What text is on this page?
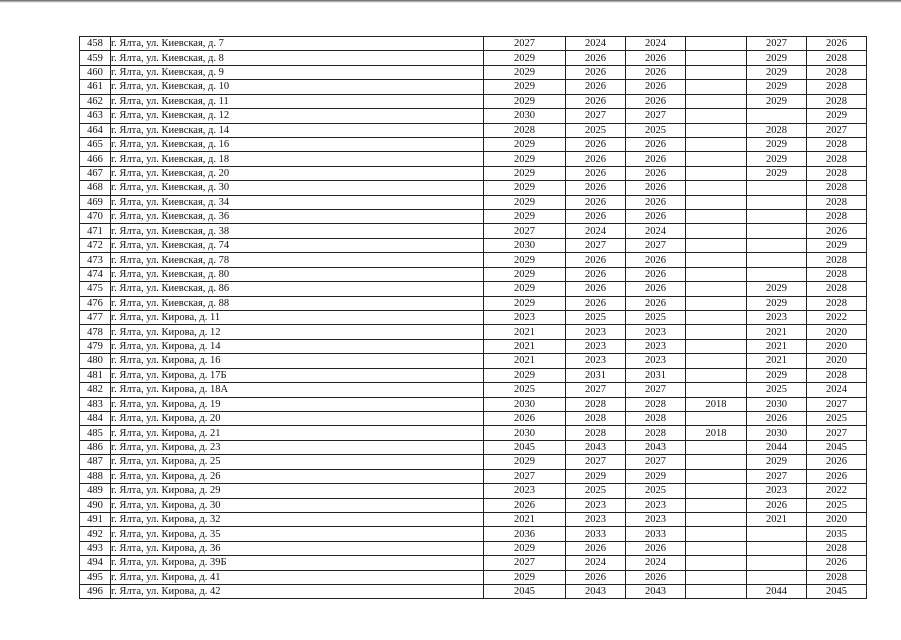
458	г. Ялта, ул. Киевская, д. 7	2027	2024	2024		2027	2026
459	г. Ялта, ул. Киевская, д. 8	2029	2026	2026		2029	2028
460	г. Ялта, ул. Киевская, д. 9	2029	2026	2026		2029	2028
461	г. Ялта, ул. Киевская, д. 10	2029	2026	2026		2029	2028
462	г. Ялта, ул. Киевская, д. 11	2029	2026	2026		2029	2028
463	г. Ялта, ул. Киевская, д. 12	2030	2027	2027			2029
464	г. Ялта, ул. Киевская, д. 14	2028	2025	2025		2028	2027
465	г. Ялта, ул. Киевская, д. 16	2029	2026	2026		2029	2028
466	г. Ялта, ул. Киевская, д. 18	2029	2026	2026		2029	2028
467	г. Ялта, ул. Киевская, д. 20	2029	2026	2026		2029	2028
468	г. Ялта, ул. Киевская, д. 30	2029	2026	2026			2028
469	г. Ялта, ул. Киевская, д. 34	2029	2026	2026			2028
470	г. Ялта, ул. Киевская, д. 36	2029	2026	2026			2028
471	г. Ялта, ул. Киевская, д. 38	2027	2024	2024			2026
472	г. Ялта, ул. Киевская, д. 74	2030	2027	2027			2029
473	г. Ялта, ул. Киевская, д. 78	2029	2026	2026			2028
474	г. Ялта, ул. Киевская, д. 80	2029	2026	2026			2028
475	г. Ялта, ул. Киевская, д. 86	2029	2026	2026		2029	2028
476	г. Ялта, ул. Киевская, д. 88	2029	2026	2026		2029	2028
477	г. Ялта, ул. Кирова, д. 11	2023	2025	2025		2023	2022
478	г. Ялта, ул. Кирова, д. 12	2021	2023	2023		2021	2020
479	г. Ялта, ул. Кирова, д. 14	2021	2023	2023		2021	2020
480	г. Ялта, ул. Кирова, д. 16	2021	2023	2023		2021	2020
481	г. Ялта, ул. Кирова, д. 17Б	2029	2031	2031		2029	2028
482	г. Ялта, ул. Кирова, д. 18А	2025	2027	2027		2025	2024
483	г. Ялта, ул. Кирова, д. 19	2030	2028	2028	2018	2030	2027
484	г. Ялта, ул. Кирова, д. 20	2026	2028	2028		2026	2025
485	г. Ялта, ул. Кирова, д. 21	2030	2028	2028	2018	2030	2027
486	г. Ялта, ул. Кирова, д. 23	2045	2043	2043		2044	2045
487	г. Ялта, ул. Кирова, д. 25	2029	2027	2027		2029	2026
488	г. Ялта, ул. Кирова, д. 26	2027	2029	2029		2027	2026
489	г. Ялта, ул. Кирова, д. 29	2023	2025	2025		2023	2022
490	г. Ялта, ул. Кирова, д. 30	2026	2023	2023		2026	2025
491	г. Ялта, ул. Кирова, д. 32	2021	2023	2023		2021	2020
492	г. Ялта, ул. Кирова, д. 35	2036	2033	2033			2035
493	г. Ялта, ул. Кирова, д. 36	2029	2026	2026			2028
494	г. Ялта, ул. Кирова, д. 39Б	2027	2024	2024			2026
495	г. Ялта, ул. Кирова, д. 41	2029	2026	2026			2028
496	г. Ялта, ул. Кирова, д. 42	2045	2043	2043		2044	2045
